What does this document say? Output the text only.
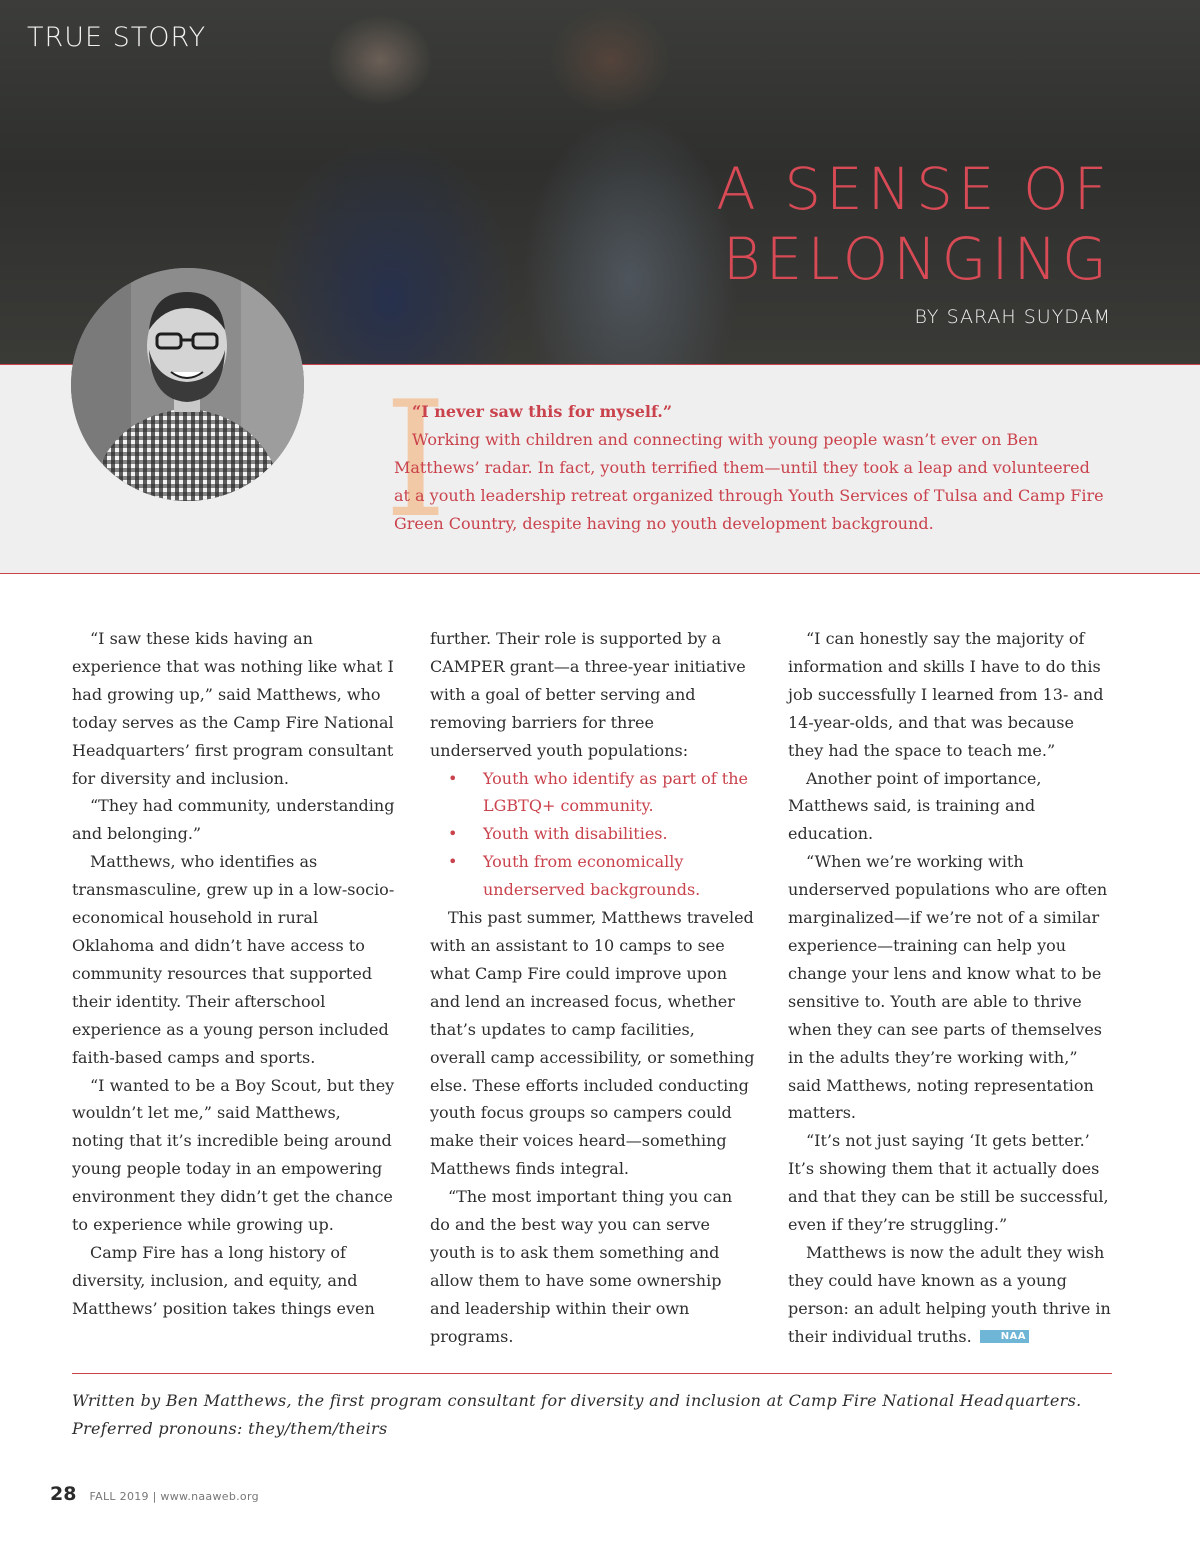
TRUE STORY
A SENSE OF
BELONGING
BY SARAH SUYDAM
I
“I never saw this for myself.”
Working with children and connecting with young people wasn’t ever on Ben Matthews’ radar. In fact, youth terrified them—until they took a leap and volunteered at a youth leadership retreat organized through Youth Services of Tulsa and Camp Fire Green Country, despite having no youth development background.

“I saw these kids having an experience that was nothing like what I had growing up,” said Matthews, who today serves as the Camp Fire National Headquarters’ first program consultant for diversity and inclusion.

“They had community, understanding and belonging.”

Matthews, who identifies as transmasculine, grew up in a low-socio-economical household in rural Oklahoma and didn’t have access to community resources that supported their identity. Their afterschool experience as a young person included faith-based camps and sports.

“I wanted to be a Boy Scout, but they wouldn’t let me,” said Matthews, noting that it’s incredible being around young people today in an empowering environment they didn’t get the chance to experience while growing up.

Camp Fire has a long history of diversity, inclusion, and equity, and Matthews’ position takes things even

further. Their role is supported by a CAMPER grant—a three-year initiative with a goal of better serving and removing barriers for three underserved youth populations:

• Youth who identify as part of the LGBTQ+ community.
• Youth with disabilities.
• Youth from economically underserved backgrounds.

This past summer, Matthews traveled with an assistant to 10 camps to see what Camp Fire could improve upon and lend an increased focus, whether that’s updates to camp facilities, overall camp accessibility, or something else. These efforts included conducting youth focus groups so campers could make their voices heard—something Matthews finds integral.

“The most important thing you can do and the best way you can serve youth is to ask them something and allow them to have some ownership and leadership within their own programs.

“I can honestly say the majority of information and skills I have to do this job successfully I learned from 13- and 14-year-olds, and that was because they had the space to teach me.”

Another point of importance, Matthews said, is training and education.

“When we’re working with underserved populations who are often marginalized—if we’re not of a similar experience—training can help you change your lens and know what to be sensitive to. Youth are able to thrive when they can see parts of themselves in the adults they’re working with,” said Matthews, noting representation matters.

“It’s not just saying ‘It gets better.’ It’s showing them that it actually does and that they can be still be successful, even if they’re struggling.”

Matthews is now the adult they wish they could have known as a young person: an adult helping youth thrive in their individual truths.	NAA

Written by Ben Matthews, the first program consultant for diversity and inclusion at Camp Fire National Headquarters.
Preferred pronouns: they/them/theirs
28 FALL 2019 | www.naaweb.org
